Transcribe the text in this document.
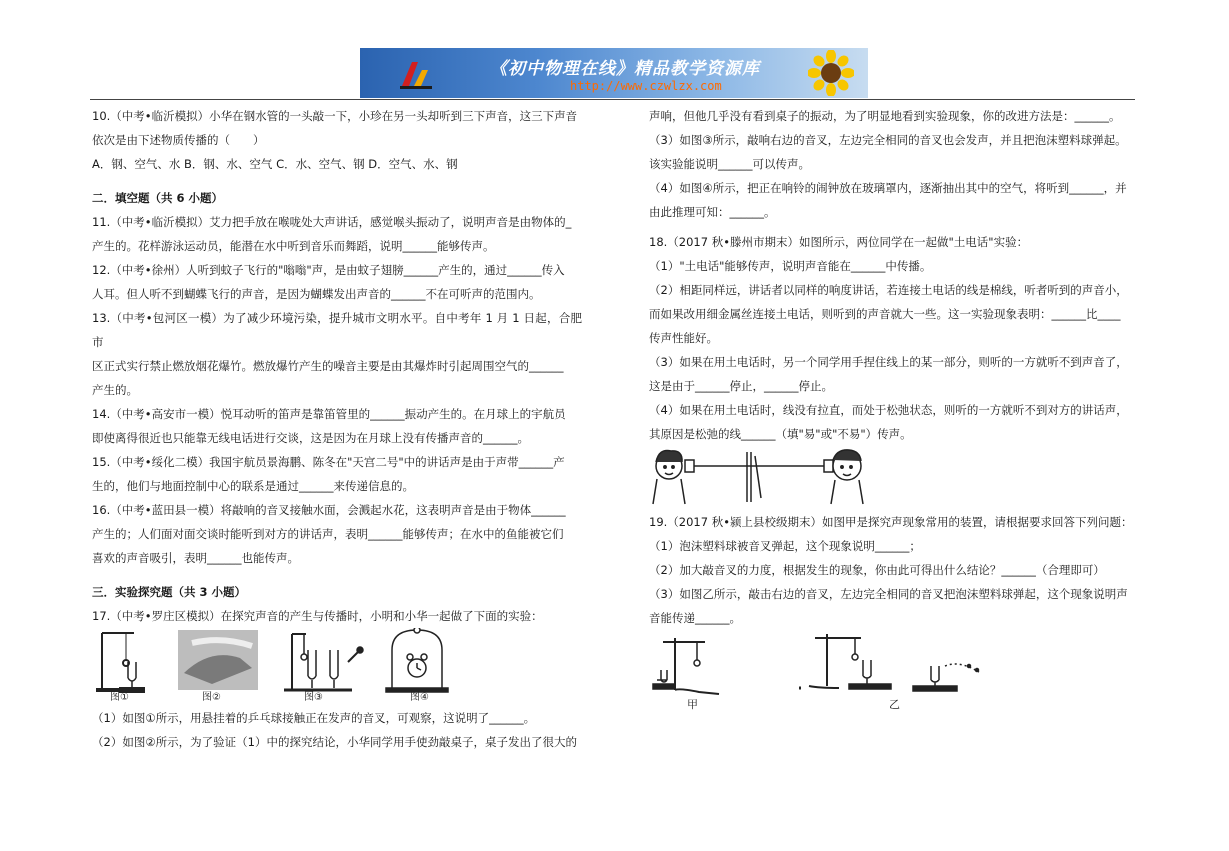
《初中物理在线》精品教学资源库
http://www.czwlzx.com

10.（中考•临沂模拟）小华在钢水管的一头敲一下，小珍在另一头却听到三下声音，这三下声音

依次是由下述物质传播的（　　）

A．钢、空气、水 B．钢、水、空气 C．水、空气、钢 D．空气、水、钢

二．填空题（共 6 小题）

11.（中考•临沂模拟）艾力把手放在喉咙处大声讲话，感觉喉头振动了，说明声音是由物体的_

产生的。花样游泳运动员，能潜在水中听到音乐而舞蹈，说明______能够传声。

12.（中考•徐州）人听到蚊子飞行的"嗡嗡"声，是由蚊子翅膀______产生的，通过______传入

人耳。但人听不到蝴蝶飞行的声音，是因为蝴蝶发出声音的______不在可听声的范围内。

13.（中考•包河区一模）为了减少环境污染，提升城市文明水平。自中考年 1 月 1 日起，合肥市

区正式实行禁止燃放烟花爆竹。燃放爆竹产生的噪音主要是由其爆炸时引起周围空气的______

产生的。

14.（中考•高安市一模）悦耳动听的笛声是靠笛管里的______振动产生的。在月球上的宇航员

即使离得很近也只能靠无线电话进行交谈，这是因为在月球上没有传播声音的______。

15.（中考•绥化二模）我国宇航员景海鹏、陈冬在"天宫二号"中的讲话声是由于声带______产

生的，他们与地面控制中心的联系是通过______来传递信息的。

16.（中考•蓝田县一模）将敲响的音叉接触水面，会溅起水花，这表明声音是由于物体______

产生的；人们面对面交谈时能听到对方的讲话声，表明______能够传声；在水中的鱼能被它们

喜欢的声音吸引，表明______也能传声。

三．实验探究题（共 3 小题）

17.（中考•罗庄区模拟）在探究声音的产生与传播时，小明和小华一起做了下面的实验：

图①	图②	图③	图④

（1）如图①所示，用悬挂着的乒乓球接触正在发声的音叉，可观察，这说明了______。

（2）如图②所示，为了验证（1）中的探究结论，小华同学用手使劲敲桌子，桌子发出了很大的

声响，但他几乎没有看到桌子的振动，为了明显地看到实验现象，你的改进方法是：______。

（3）如图③所示，敲响右边的音叉，左边完全相同的音叉也会发声，并且把泡沫塑料球弹起。

该实验能说明______可以传声。

（4）如图④所示，把正在响铃的闹钟放在玻璃罩内，逐渐抽出其中的空气，将听到______，并

由此推理可知：______。

18.（2017 秋•滕州市期末）如图所示，两位同学在一起做"土电话"实验：

（1）"土电话"能够传声，说明声音能在______中传播。

（2）相距同样远，讲话者以同样的响度讲话，若连接土电话的线是棉线，听者听到的声音小，

而如果改用细金属丝连接土电话，则听到的声音就大一些。这一实验现象表明：______比____

传声性能好。

（3）如果在用土电话时，另一个同学用手捏住线上的某一部分，则听的一方就听不到声音了，

这是由于______停止，______停止。

（4）如果在用土电话时，线没有拉直，而处于松弛状态，则听的一方就听不到对方的讲话声，

其原因是松弛的线______（填"易"或"不易"）传声。

19.（2017 秋•颍上县校级期末）如图甲是探究声现象常用的装置，请根据要求回答下列问题：

（1）泡沫塑料球被音叉弹起，这个现象说明______；

（2）加大敲音叉的力度，根据发生的现象，你由此可得出什么结论？______（合理即可）

（3）如图乙所示，敲击右边的音叉，左边完全相同的音叉把泡沫塑料球弹起，这个现象说明声

音能传递______。

甲	乙
